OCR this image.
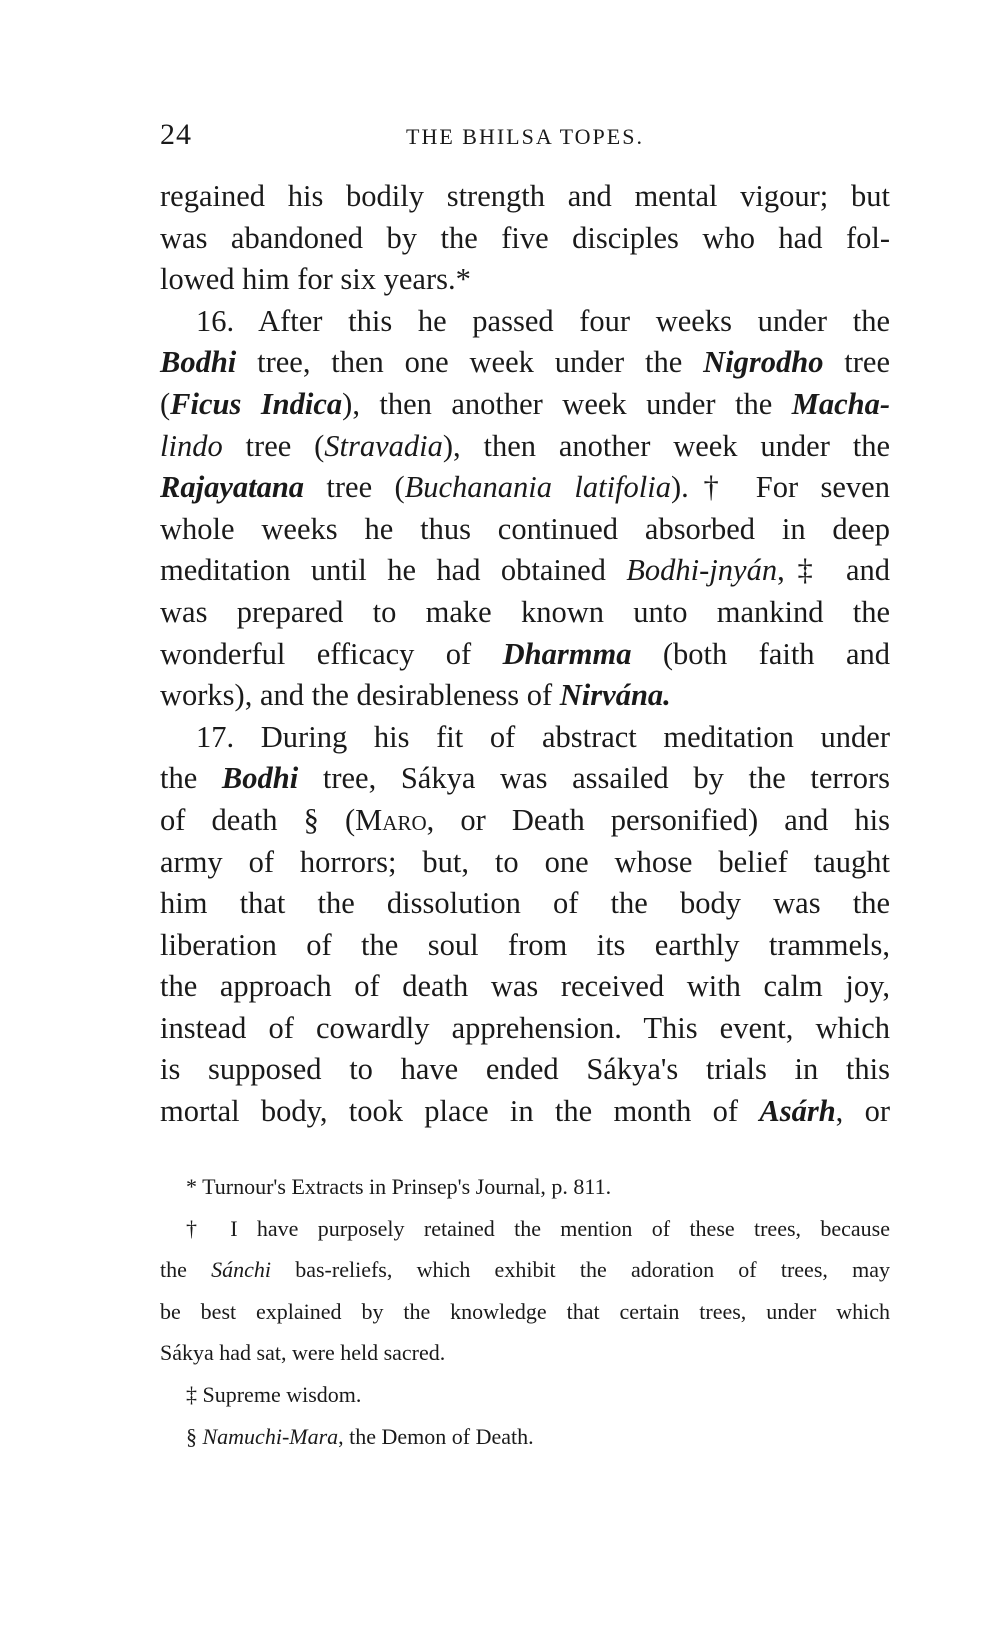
24	THE BHILSA TOPES.
regained his bodily strength and mental vigour; but
was abandoned by the five disciples who had fol-
lowed him for six years.*
16. After this he passed four weeks under the
Bodhi tree, then one week under the Nigrodho tree
(Ficus Indica), then another week under the Macha-
lindo tree (Stravadia), then another week under the
Rajayatana tree (Buchanania latifolia).† For seven
whole weeks he thus continued absorbed in deep
meditation until he had obtained Bodhi-jnyán,‡ and
was prepared to make known unto mankind the
wonderful efficacy of Dharmma (both faith and
works), and the desirableness of Nirvána.
17. During his fit of abstract meditation under
the Bodhi tree, Sákya was assailed by the terrors
of death § (Maro, or Death personified) and his
army of horrors; but, to one whose belief taught
him that the dissolution of the body was the
liberation of the soul from its earthly trammels,
the approach of death was received with calm joy,
instead of cowardly apprehension. This event, which
is supposed to have ended Sákya's trials in this
mortal body, took place in the month of Asárh, or
* Turnour's Extracts in Prinsep's Journal, p. 811.
† I have purposely retained the mention of these trees, because
the Sánchi bas-reliefs, which exhibit the adoration of trees, may
be best explained by the knowledge that certain trees, under which
Sákya had sat, were held sacred.
‡ Supreme wisdom.
§ Namuchi-Mara, the Demon of Death.
